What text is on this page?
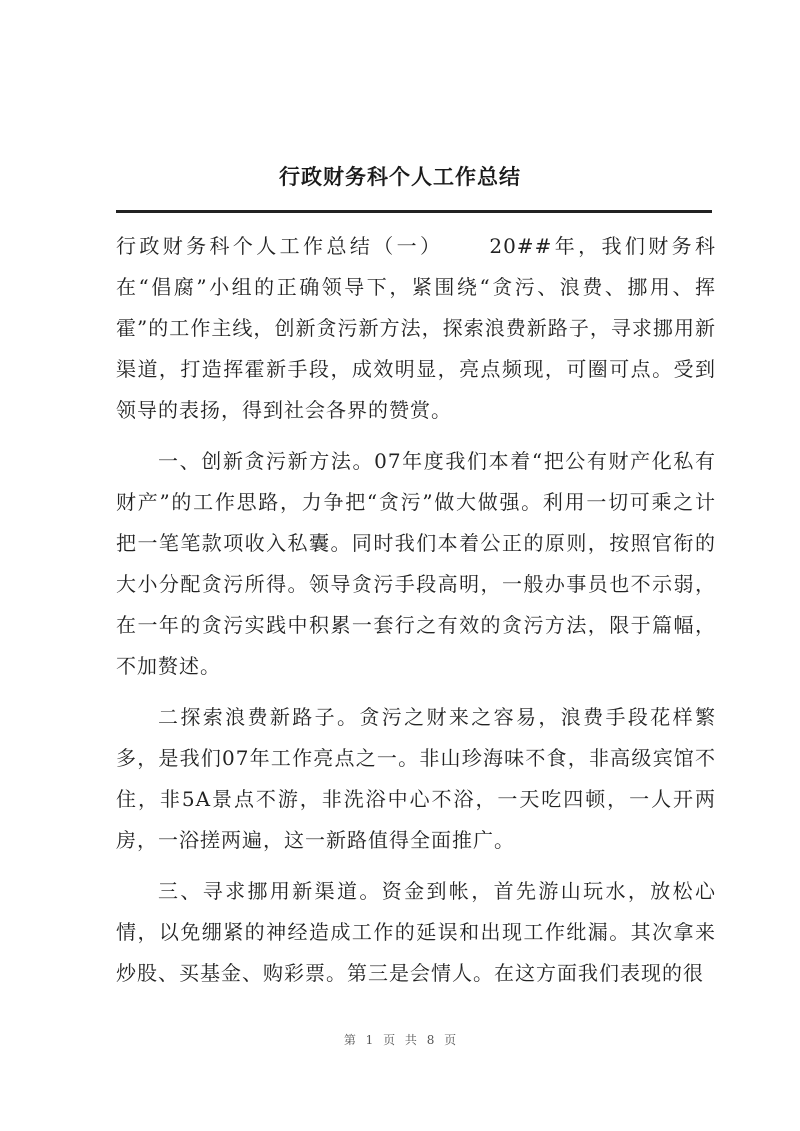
行政财务科个人工作总结

行政财务科个人工作总结（一） 20##年，我们财务科在“倡腐”小组的正确领导下，紧围绕“贪污、浪费、挪用、挥霍”的工作主线，创新贪污新方法，探索浪费新路子，寻求挪用新渠道，打造挥霍新手段，成效明显，亮点频现，可圈可点。受到领导的表扬，得到社会各界的赞赏。

一、创新贪污新方法。07年度我们本着“把公有财产化私有财产”的工作思路，力争把“贪污”做大做强。利用一切可乘之计把一笔笔款项收入私囊。同时我们本着公正的原则，按照官衔的大小分配贪污所得。领导贪污手段高明，一般办事员也不示弱，在一年的贪污实践中积累一套行之有效的贪污方法，限于篇幅，不加赘述。

二探索浪费新路子。贪污之财来之容易，浪费手段花样繁多，是我们07年工作亮点之一。非山珍海味不食，非高级宾馆不住，非5A景点不游，非洗浴中心不浴，一天吃四顿，一人开两房，一浴搓两遍，这一新路值得全面推广。

三、寻求挪用新渠道。资金到帐，首先游山玩水，放松心情，以免绷紧的神经造成工作的延误和出现工作纰漏。其次拿来炒股、买基金、购彩票。第三是会情人。在这方面我们表现的很

第 1 页 共 8 页
